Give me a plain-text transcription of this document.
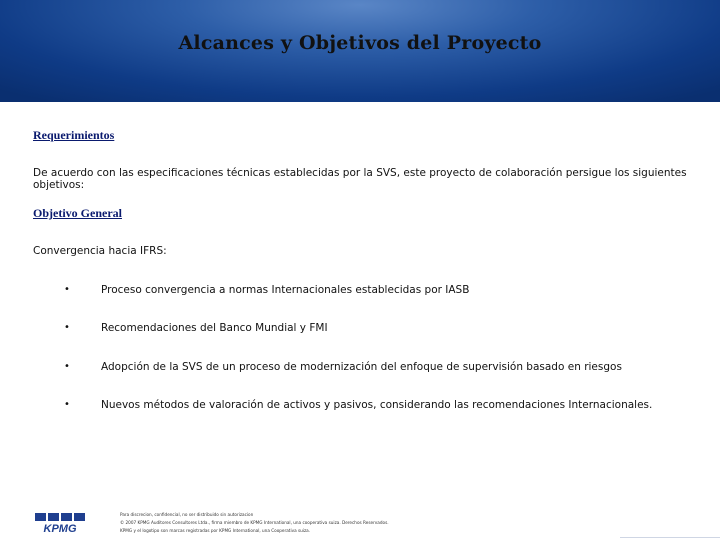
Alcances y Objetivos del Proyecto
Requerimientos
De acuerdo con las especificaciones técnicas establecidas por la SVS, este proyecto de colaboración persigue los siguientes objetivos:
Objetivo General
Convergencia hacia IFRS:
•	Proceso convergencia a normas Internacionales establecidas por IASB
•	Recomendaciones del Banco Mundial y FMI
•	Adopción de la SVS de un proceso de modernización del enfoque de supervisión basado en riesgos
•	Nuevos métodos de valoración de activos y pasivos, considerando las recomendaciones Internacionales.
KPMG
Para discrecion, confidencial, no ser distribuido sin autorizacion
© 2007 KPMG Auditores Consultores Ltda., firma miembro de KPMG International, una cooperativa suiza. Derechos Reservados.
KPMG y el logotipo son marcas registradas por KPMG International, una Cooperativa suiza.
